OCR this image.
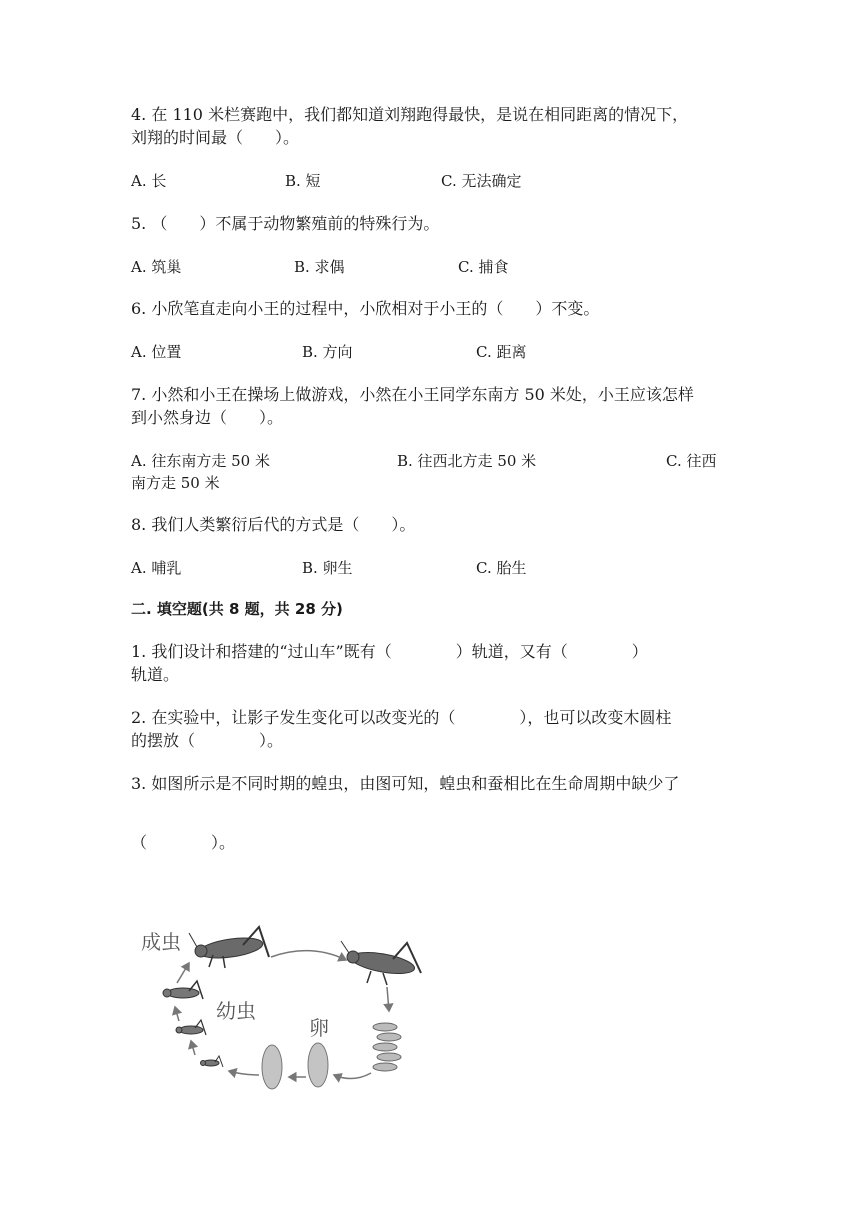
4. 在 110 米栏赛跑中，我们都知道刘翔跑得最快，是说在相同距离的情况下，
刘翔的时间最（　　）。
A. 长	B. 短	C. 无法确定
5. （　　）不属于动物繁殖前的特殊行为。
A. 筑巢	B. 求偶	C. 捕食
6. 小欣笔直走向小王的过程中，小欣相对于小王的（　　）不变。
A. 位置	B. 方向	C. 距离
7. 小然和小王在操场上做游戏，小然在小王同学东南方 50 米处，小王应该怎样
到小然身边（　　）。
A. 往东南方走 50 米	B. 往西北方走 50 米	C. 往西
南方走 50 米
8. 我们人类繁衍后代的方式是（　　）。
A. 哺乳	B. 卵生	C. 胎生
二. 填空题(共 8 题，共 28 分)
1. 我们设计和搭建的“过山车”既有（　　　　）轨道，又有（　　　　）
轨道。
2. 在实验中，让影子发生变化可以改变光的（　　　　），也可以改变木圆柱
的摆放（　　　　）。
3. 如图所示是不同时期的蝗虫，由图可知，蝗虫和蚕相比在生命周期中缺少了
（　　　　）。
成虫
幼虫
卵
